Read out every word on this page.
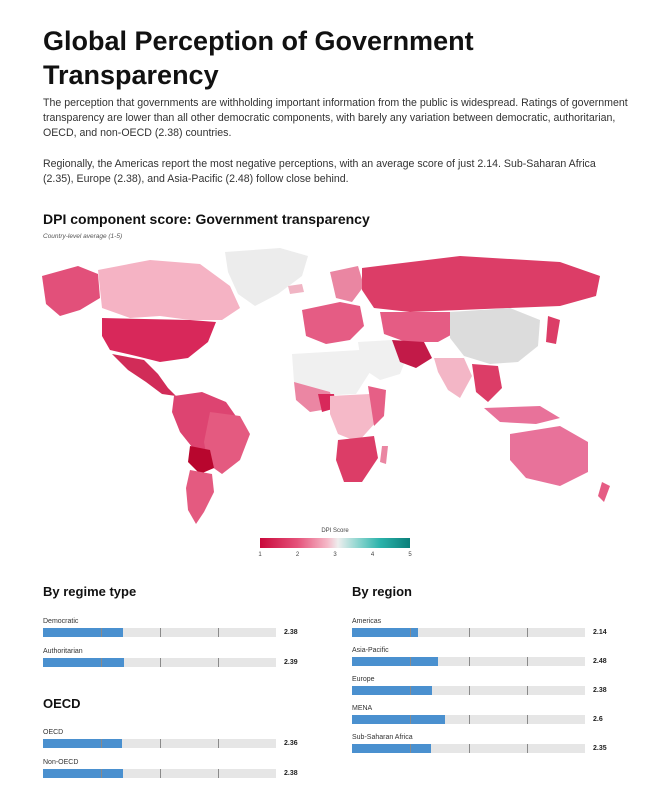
Global Perception of Government Transparency
The perception that governments are withholding important information from the public is widespread. Ratings of government transparency are lower than all other democratic components, with barely any variation between democratic, authoritarian, OECD, and non-OECD (2.38) countries.
Regionally, the Americas report the most negative perceptions, with an average score of just 2.14. Sub-Saharan Africa (2.35), Europe (2.38), and Asia-Pacific (2.48) follow close behind.
DPI component score: Government transparency
Country-level average (1-5)
DPI Score
1	2	3	4	5
By regime type
Democratic
2.38
Authoritarian
2.39
OECD
OECD
2.36
Non-OECD
2.38
By region
Americas
2.14
Asia-Pacific
2.48
Europe
2.38
MENA
2.6
Sub-Saharan Africa
2.35
